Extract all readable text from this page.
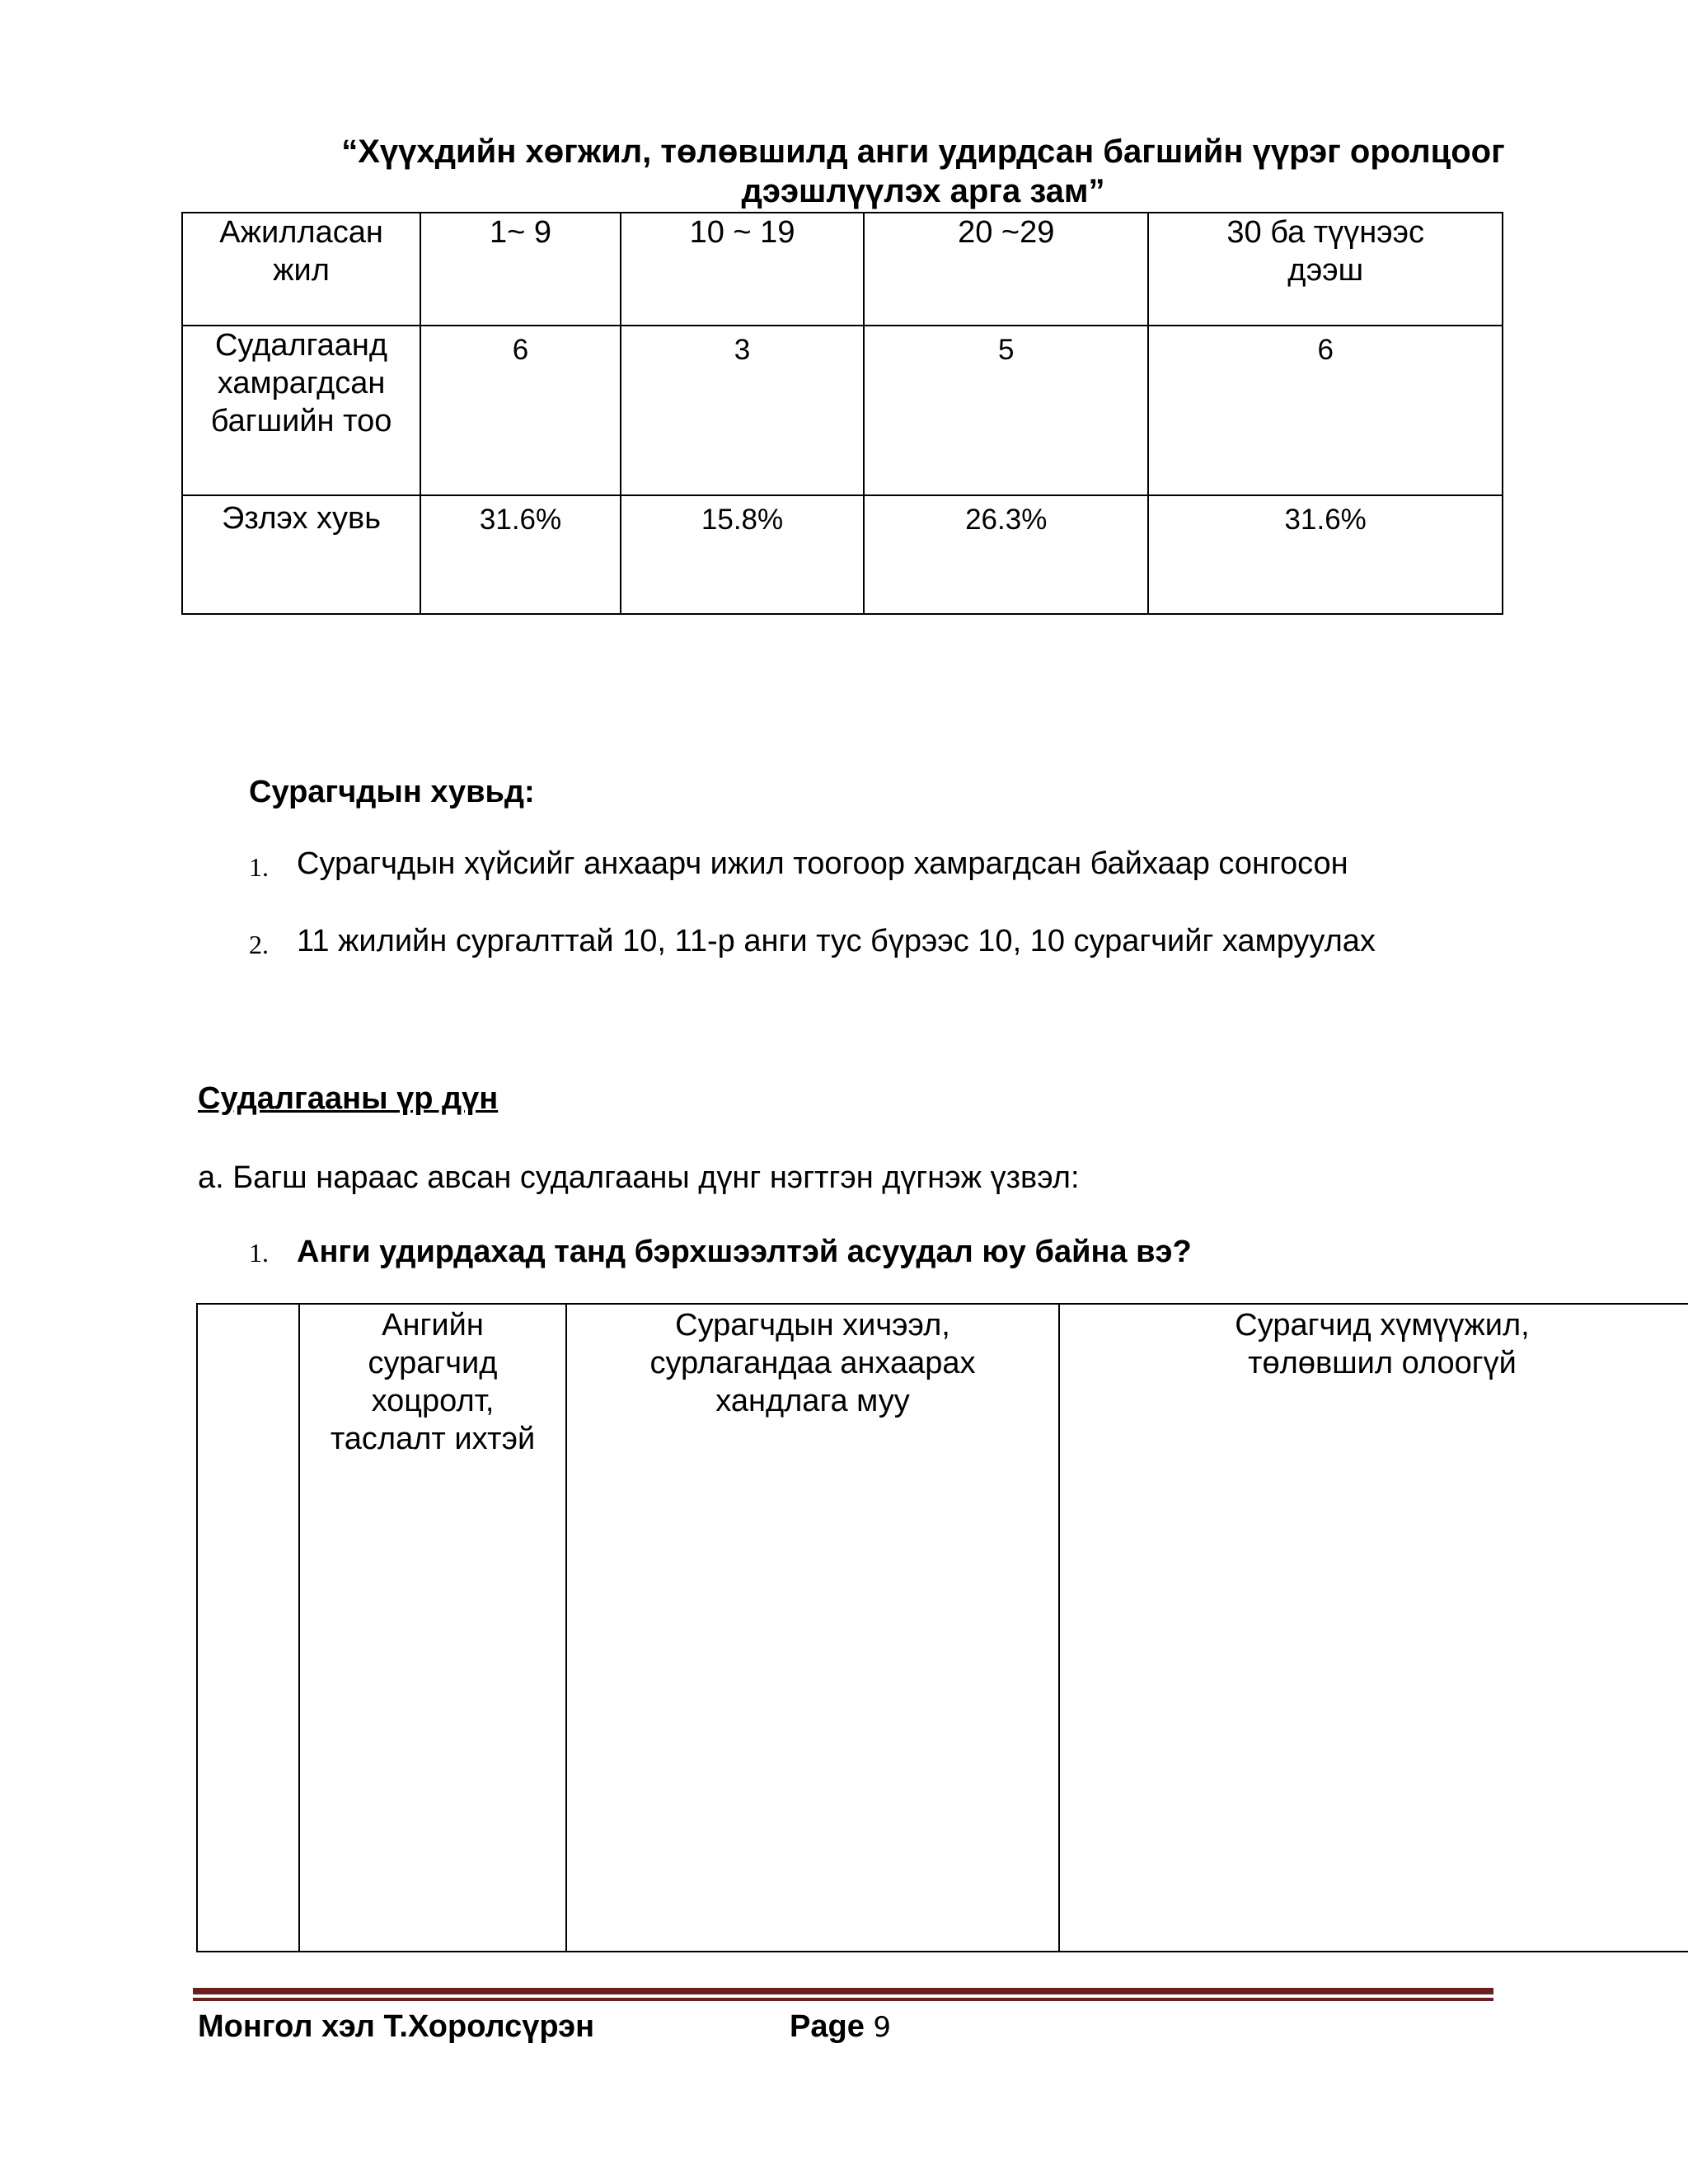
“Хүүхдийн хөгжил, төлөвшилд анги удирдсан багшийн үүрэг оролцоог
дээшлүүлэх арга зам”
Ажилласан жил	1~ 9	10 ~ 19	20 ~29	30 ба түүнээс дээш
Судалгаанд хамрагдсан багшийн тоо	6	3	5	6
Эзлэх хувь	31.6%	15.8%	26.3%	31.6%
Сурагчдын хувьд:
1. Сурагчдын хүйсийг анхаарч ижил тоогоор хамрагдсан байхаар сонгосон
2. 11 жилийн сургалттай 10, 11-р анги тус бүрээс 10, 10 сурагчийг хамруулах
Судалгааны үр дүн
а. Багш нараас авсан судалгааны дүнг нэгтгэн дүгнэж үзвэл:
1. Анги удирдахад танд бэрхшээлтэй асуудал юу байна вэ?
	Ангийн сурагчид хоцролт, таслалт ихтэй	Сурагчдын хичээл, сурлагандаа анхаарах хандлага муу	Сурагчид хүмүүжил, төлөвшил олоогүй
Монгол хэл Т.Хоролсүрэн	Page 9
